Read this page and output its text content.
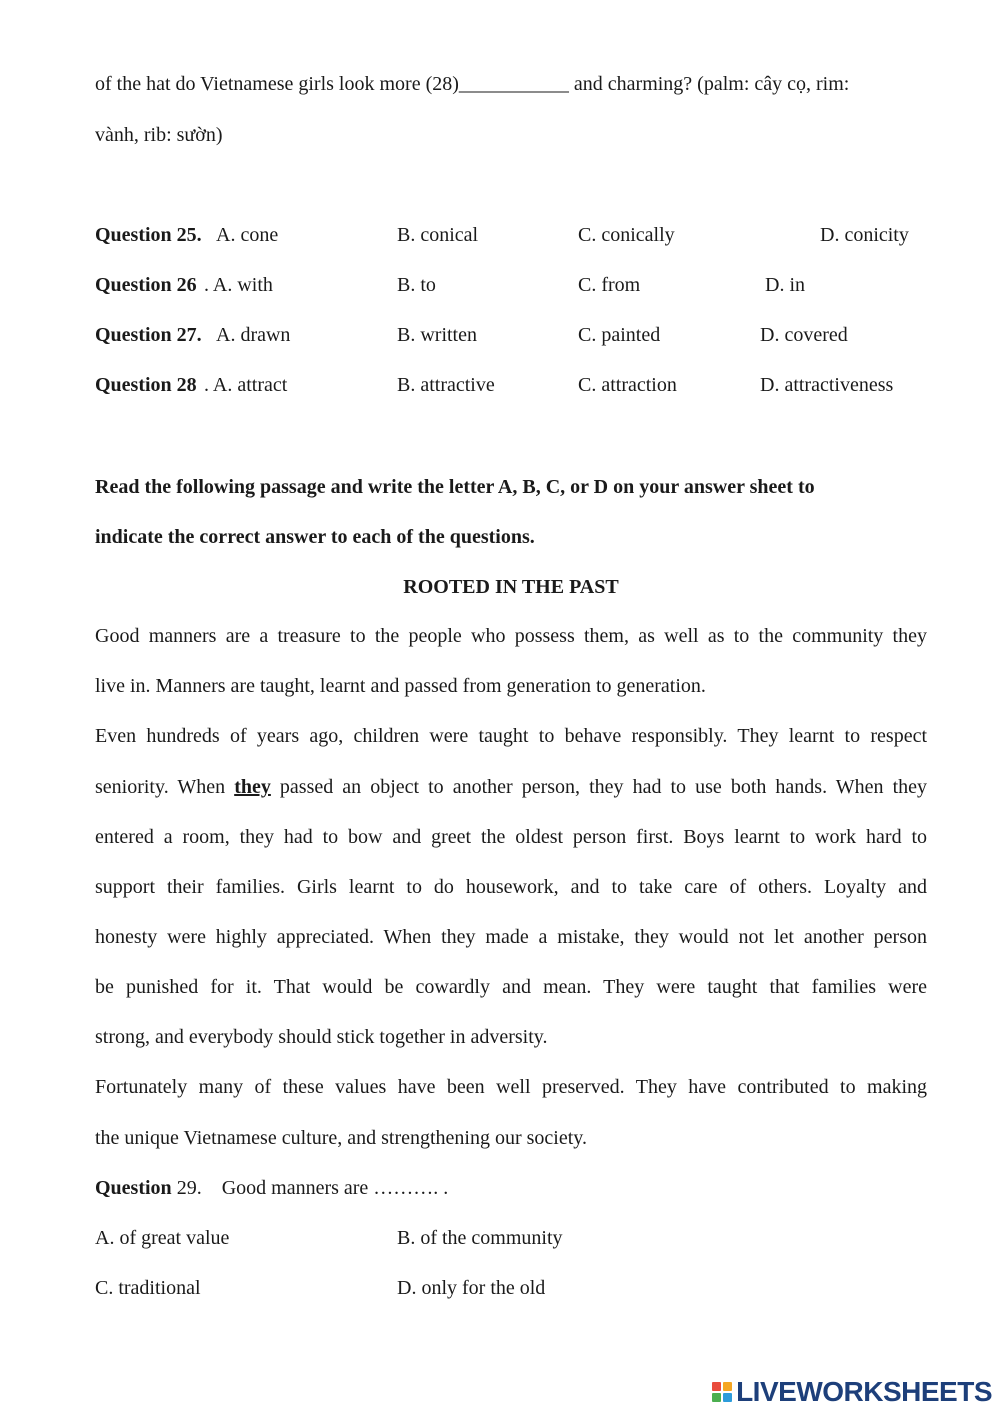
of the hat do Vietnamese girls look more (28)___________ and charming? (palm: cây cọ, rim:
vành, rib: sườn)
Question 25. A. cone	B. conical	C. conically	D. conicity
Question 26 . A. with	B. to	C. from	D. in
Question 27. A. drawn	B. written	C. painted	D. covered
Question 28 . A. attract	B. attractive	C. attraction	D. attractiveness
Read the following passage and write the letter A, B, C, or D on your answer sheet to
indicate the correct answer to each of the questions.
ROOTED IN THE PAST
Good manners are a treasure to the people who possess them, as well as to the community they
live in. Manners are taught, learnt and passed from generation to generation.
Even hundreds of years ago, children were taught to behave responsibly. They learnt to respect
seniority. When they passed an object to another person, they had to use both hands. When they
entered a room, they had to bow and greet the oldest person first. Boys learnt to work hard to
support their families. Girls learnt to do housework, and to take care of others. Loyalty and
honesty were highly appreciated. When they made a mistake, they would not let another person
be punished for it. That would be cowardly and mean. They were taught that families were
strong, and everybody should stick together in adversity.
Fortunately many of these values have been well preserved. They have contributed to making
the unique Vietnamese culture, and strengthening our society.
Question 29.    Good manners are ………. .
A. of great value	B. of the community
C. traditional	D. only for the old
LIVEWORKSHEETS
